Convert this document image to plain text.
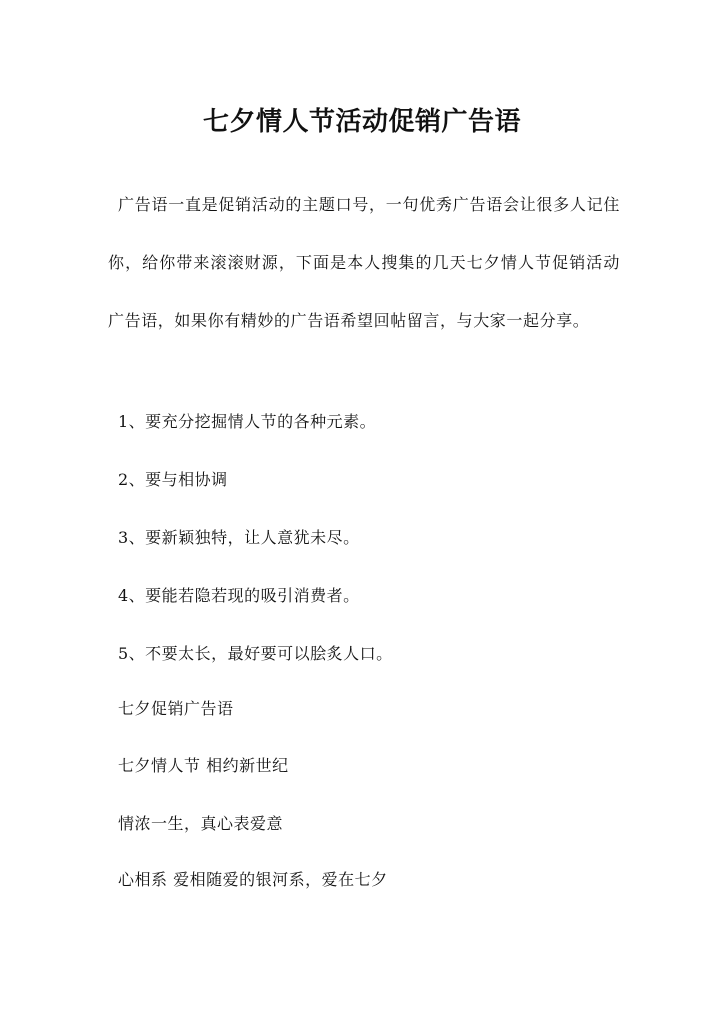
七夕情人节活动促销广告语

广告语一直是促销活动的主题口号，一句优秀广告语会让很多人记住你，给你带来滚滚财源，下面是本人搜集的几天七夕情人节促销活动广告语，如果你有精妙的广告语希望回帖留言，与大家一起分享。

1、要充分挖掘情人节的各种元素。
2、要与相协调
3、要新颖独特，让人意犹未尽。
4、要能若隐若现的吸引消费者。
5、不要太长，最好要可以脍炙人口。
七夕促销广告语
七夕情人节 相约新世纪
情浓一生，真心表爱意
心相系 爱相随爱的银河系，爱在七夕
